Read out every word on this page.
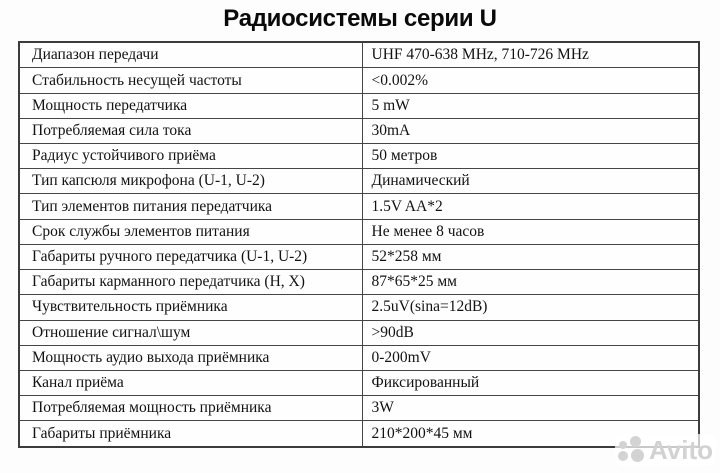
Радиосистемы серии U
Диапазон передачи	UHF 470-638 MHz, 710-726 MHz
Стабильность несущей частоты	<0.002%
Мощность передатчика	5 mW
Потребляемая сила тока	30mA
Радиус устойчивого приёма	50 метров
Тип капсюля микрофона (U-1, U-2)	Динамический
Тип элементов питания передатчика	1.5V AA*2
Срок службы элементов питания	Не менее 8 часов
Габариты ручного передатчика (U-1, U-2)	52*258 мм
Габариты карманного передатчика (H, X)	87*65*25 мм
Чувствительность приёмника	2.5uV(sina=12dB)
Отношение сигнал\шум	>90dB
Мощность аудио выхода приёмника	0-200mV
Канал приёма	Фиксированный
Потребляемая мощность приёмника	3W
Габариты приёмника	210*200*45 мм
Avito
